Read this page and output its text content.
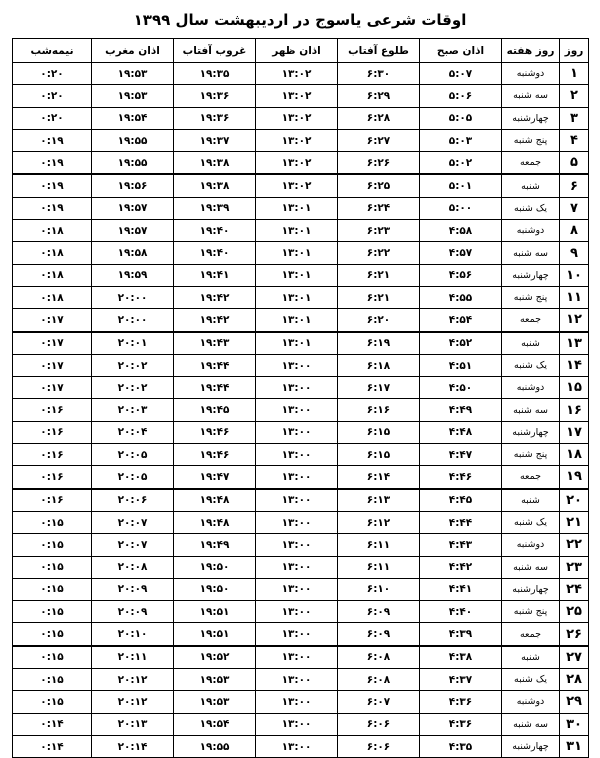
اوقات شرعی یاسوج در اردیبهشت سال ۱۳۹۹
روز	روز هفته	اذان صبح	طلوع آفتاب	اذان ظهر	غروب آفتاب	اذان مغرب	نیمه‌شب
۱	دوشنبه	۵:۰۷	۶:۳۰	۱۳:۰۲	۱۹:۳۵	۱۹:۵۳	۰:۲۰
۲	سه شنبه	۵:۰۶	۶:۲۹	۱۳:۰۲	۱۹:۳۶	۱۹:۵۳	۰:۲۰
۳	چهارشنبه	۵:۰۵	۶:۲۸	۱۳:۰۲	۱۹:۳۶	۱۹:۵۴	۰:۲۰
۴	پنج شنبه	۵:۰۳	۶:۲۷	۱۳:۰۲	۱۹:۳۷	۱۹:۵۵	۰:۱۹
۵	جمعه	۵:۰۲	۶:۲۶	۱۳:۰۲	۱۹:۳۸	۱۹:۵۵	۰:۱۹
۶	شنبه	۵:۰۱	۶:۲۵	۱۳:۰۲	۱۹:۳۸	۱۹:۵۶	۰:۱۹
۷	یک شنبه	۵:۰۰	۶:۲۴	۱۳:۰۱	۱۹:۳۹	۱۹:۵۷	۰:۱۹
۸	دوشنبه	۴:۵۸	۶:۲۳	۱۳:۰۱	۱۹:۴۰	۱۹:۵۷	۰:۱۸
۹	سه شنبه	۴:۵۷	۶:۲۲	۱۳:۰۱	۱۹:۴۰	۱۹:۵۸	۰:۱۸
۱۰	چهارشنبه	۴:۵۶	۶:۲۱	۱۳:۰۱	۱۹:۴۱	۱۹:۵۹	۰:۱۸
۱۱	پنج شنبه	۴:۵۵	۶:۲۱	۱۳:۰۱	۱۹:۴۲	۲۰:۰۰	۰:۱۸
۱۲	جمعه	۴:۵۴	۶:۲۰	۱۳:۰۱	۱۹:۴۲	۲۰:۰۰	۰:۱۷
۱۳	شنبه	۴:۵۲	۶:۱۹	۱۳:۰۱	۱۹:۴۳	۲۰:۰۱	۰:۱۷
۱۴	یک شنبه	۴:۵۱	۶:۱۸	۱۳:۰۰	۱۹:۴۴	۲۰:۰۲	۰:۱۷
۱۵	دوشنبه	۴:۵۰	۶:۱۷	۱۳:۰۰	۱۹:۴۴	۲۰:۰۲	۰:۱۷
۱۶	سه شنبه	۴:۴۹	۶:۱۶	۱۳:۰۰	۱۹:۴۵	۲۰:۰۳	۰:۱۶
۱۷	چهارشنبه	۴:۴۸	۶:۱۵	۱۳:۰۰	۱۹:۴۶	۲۰:۰۴	۰:۱۶
۱۸	پنج شنبه	۴:۴۷	۶:۱۵	۱۳:۰۰	۱۹:۴۶	۲۰:۰۵	۰:۱۶
۱۹	جمعه	۴:۴۶	۶:۱۴	۱۳:۰۰	۱۹:۴۷	۲۰:۰۵	۰:۱۶
۲۰	شنبه	۴:۴۵	۶:۱۳	۱۳:۰۰	۱۹:۴۸	۲۰:۰۶	۰:۱۶
۲۱	یک شنبه	۴:۴۴	۶:۱۲	۱۳:۰۰	۱۹:۴۸	۲۰:۰۷	۰:۱۵
۲۲	دوشنبه	۴:۴۳	۶:۱۱	۱۳:۰۰	۱۹:۴۹	۲۰:۰۷	۰:۱۵
۲۳	سه شنبه	۴:۴۲	۶:۱۱	۱۳:۰۰	۱۹:۵۰	۲۰:۰۸	۰:۱۵
۲۴	چهارشنبه	۴:۴۱	۶:۱۰	۱۳:۰۰	۱۹:۵۰	۲۰:۰۹	۰:۱۵
۲۵	پنج شنبه	۴:۴۰	۶:۰۹	۱۳:۰۰	۱۹:۵۱	۲۰:۰۹	۰:۱۵
۲۶	جمعه	۴:۳۹	۶:۰۹	۱۳:۰۰	۱۹:۵۱	۲۰:۱۰	۰:۱۵
۲۷	شنبه	۴:۳۸	۶:۰۸	۱۳:۰۰	۱۹:۵۲	۲۰:۱۱	۰:۱۵
۲۸	یک شنبه	۴:۳۷	۶:۰۸	۱۳:۰۰	۱۹:۵۳	۲۰:۱۲	۰:۱۵
۲۹	دوشنبه	۴:۳۶	۶:۰۷	۱۳:۰۰	۱۹:۵۳	۲۰:۱۲	۰:۱۵
۳۰	سه شنبه	۴:۳۶	۶:۰۶	۱۳:۰۰	۱۹:۵۴	۲۰:۱۳	۰:۱۴
۳۱	چهارشنبه	۴:۳۵	۶:۰۶	۱۳:۰۰	۱۹:۵۵	۲۰:۱۴	۰:۱۴
